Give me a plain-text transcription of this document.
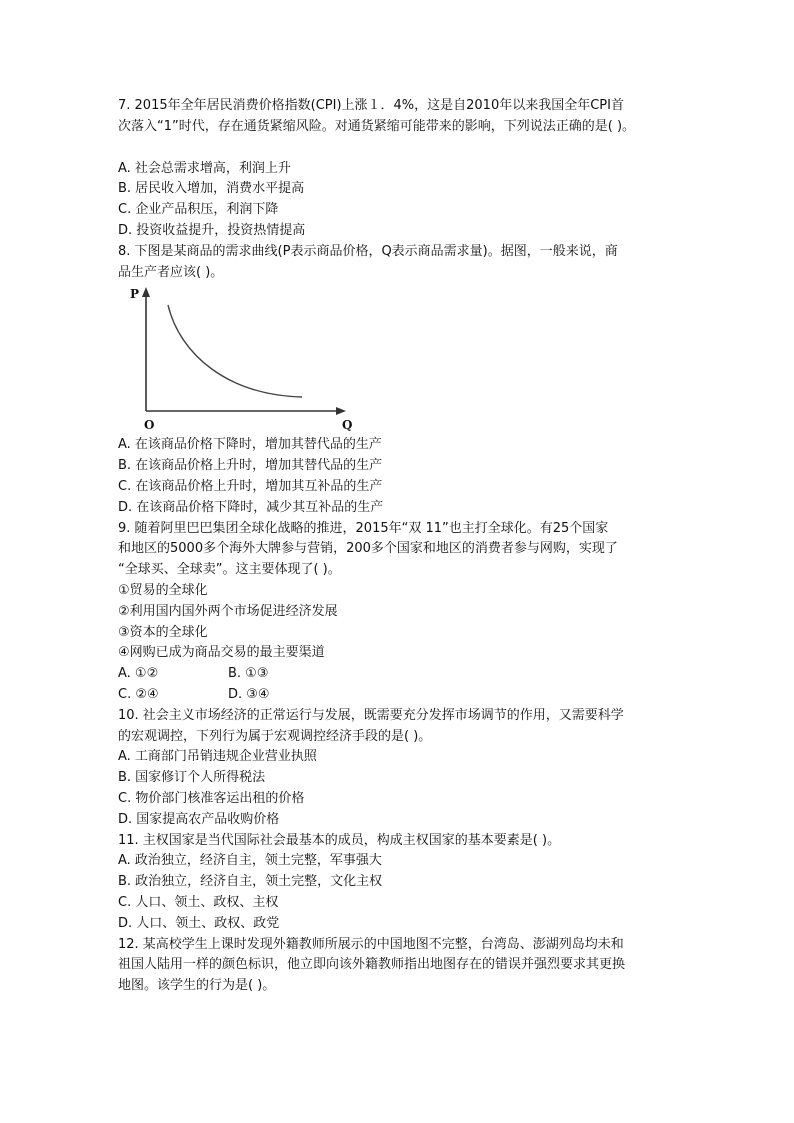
7. 2015年全年居民消费价格指数(CPI)上涨１．4%，这是自2010年以来我国全年CPI首

次落入“1”时代，存在通货紧缩风险。对通货紧缩可能带来的影响，下列说法正确的是( )。

A. 社会总需求增高，利润上升

B. 居民收入增加，消费水平提高

C. 企业产品积压，利润下降

D. 投资收益提升，投资热情提高

8. 下图是某商品的需求曲线(P表示商品价格，Q表示商品需求量)。据图，一般来说，商

品生产者应该( )。

P
O	Q

A. 在该商品价格下降时，增加其替代品的生产

B. 在该商品价格上升时，增加其替代品的生产

C. 在该商品价格上升时，增加其互补品的生产

D. 在该商品价格下降时，减少其互补品的生产

9. 随着阿里巴巴集团全球化战略的推进，2015年“双 11”也主打全球化。有25个国家

和地区的5000多个海外大牌参与营销，200多个国家和地区的消费者参与网购，实现了

“全球买、全球卖”。这主要体现了( )。

①贸易的全球化

②利用国内国外两个市场促进经济发展

③资本的全球化

④网购已成为商品交易的最主要渠道

A. ①②	B. ①③

C. ②④	D. ③④

10. 社会主义市场经济的正常运行与发展，既需要充分发挥市场调节的作用，又需要科学

的宏观调控，下列行为属于宏观调控经济手段的是( )。

A. 工商部门吊销违规企业营业执照

B. 国家修订个人所得税法

C. 物价部门核准客运出租的价格

D. 国家提高农产品收购价格

11. 主权国家是当代国际社会最基本的成员，构成主权国家的基本要素是( )。

A. 政治独立，经济自主，领土完整，军事强大

B. 政治独立，经济自主，领土完整，文化主权

C. 人口、领土、政权、主权

D. 人口、领土、政权、政党

12. 某高校学生上课时发现外籍教师所展示的中国地图不完整，台湾岛、澎湖列岛均未和

祖国人陆用一样的颜色标识，他立即向该外籍教师指出地图存在的错误并强烈要求其更换

地图。该学生的行为是( )。
